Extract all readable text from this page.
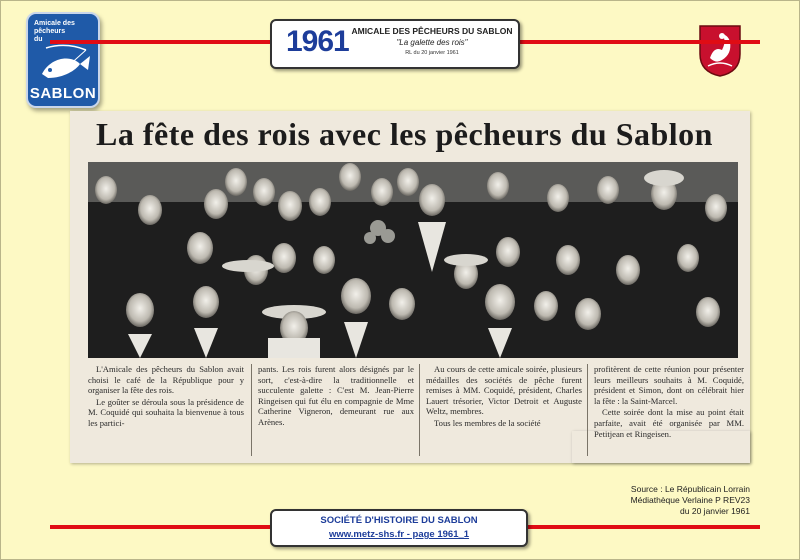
Amicale des
pêcheurs
du
SABLON
1961 AMICALE DES PÊCHEURS DU SABLON
"La galette des rois"
RL du 20 janvier 1961
La fête des rois avec les pêcheurs du Sablon

L'Amicale des pêcheurs du Sablon avait choisi le café de la République pour y organiser la fête des rois.

Le goûter se déroula sous la présidence de M. Coquidé qui souhaita la bienvenue à tous les partici-

pants. Les rois furent alors désignés par le sort, c'est-à-dire la traditionnelle et succulente galette : C'est M. Jean-Pierre Ringeisen qui fut élu en compagnie de Mme Catherine Vigneron, demeurant rue aux Arènes.

Au cours de cette amicale soirée, plusieurs médailles des sociétés de pêche furent remises à MM. Coquidé, président, Charles Lauert trésorier, Victor Detroit et Auguste Weltz, membres.

Tous les membres de la société

profitèrent de cette réunion pour présenter leurs meilleurs souhaits à M. Coquidé, président et Simon, dont on célébrait hier la fête : la Saint-Marcel.

Cette soirée dont la mise au point était parfaite, avait été organisée par MM. Petitjean et Ringeisen.

Source : Le Républicain Lorrain
Médiathèque Verlaine P REV23
du 20 janvier 1961
SOCIÉTÉ D'HISTOIRE DU SABLON
www.metz-shs.fr - page 1961_1
